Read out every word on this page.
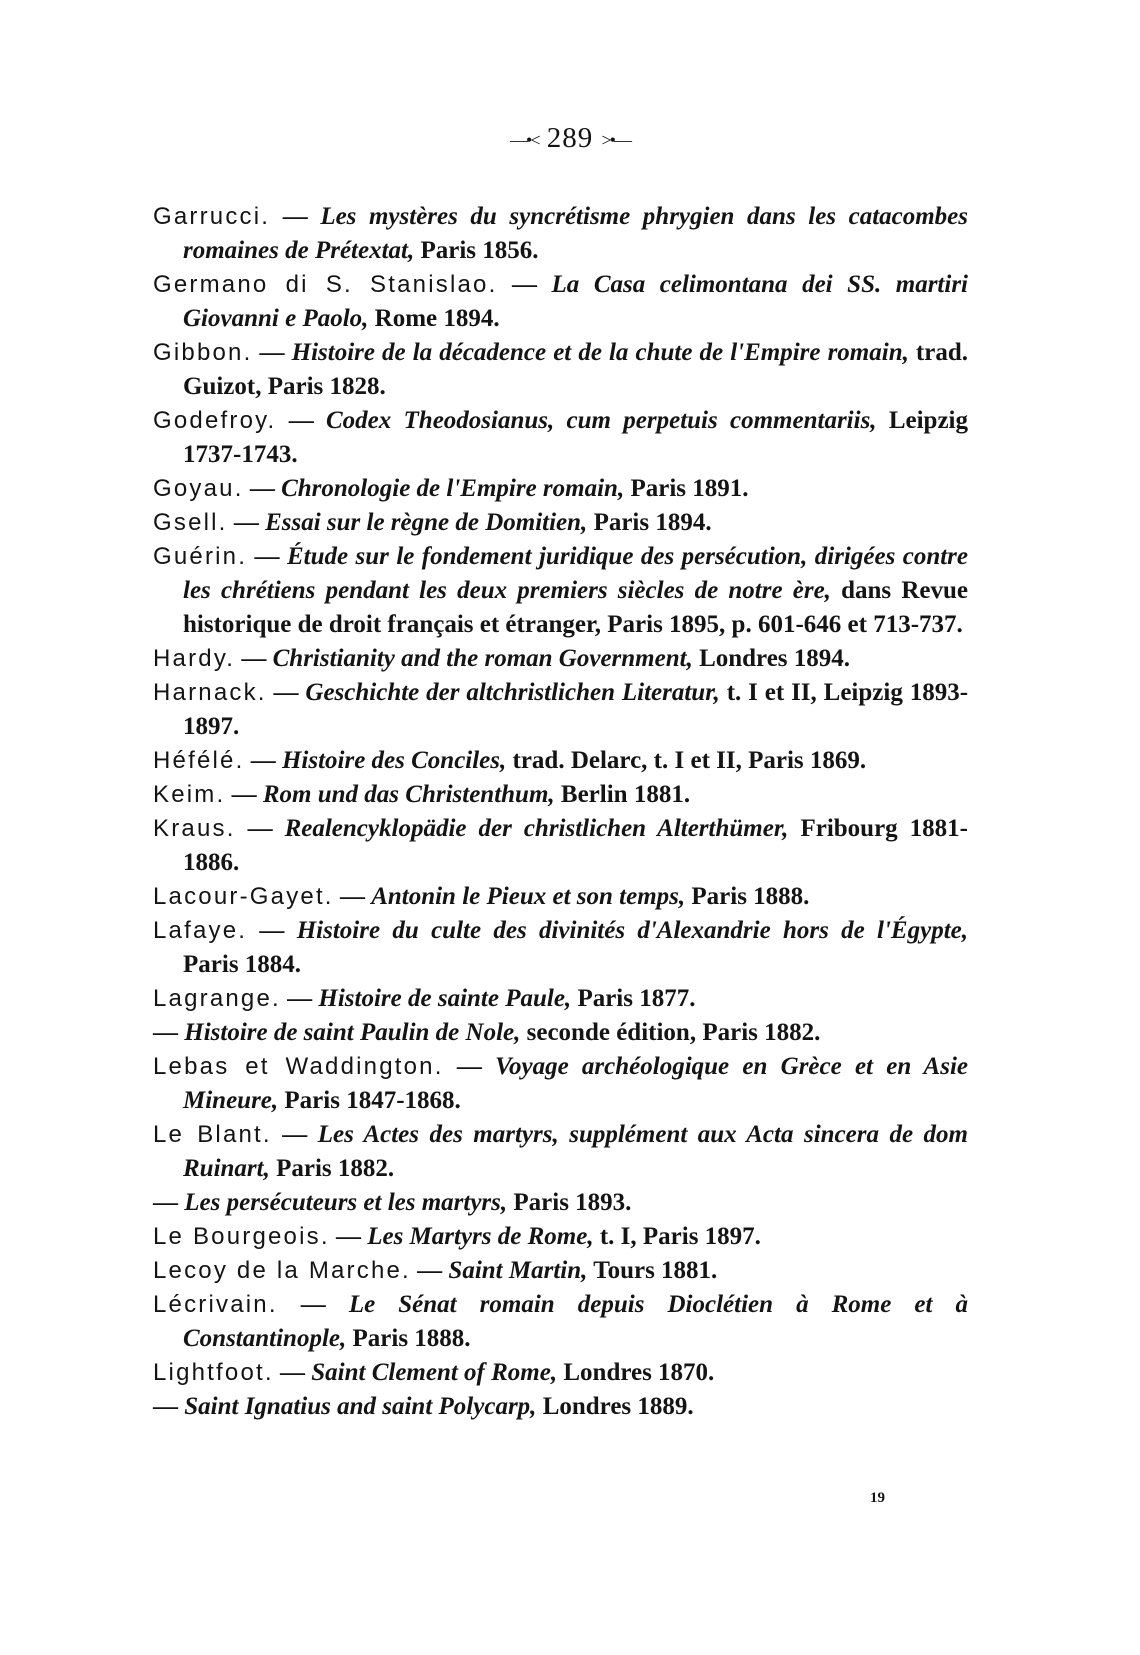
—•< 289 >•—
Garrucci. — Les mystères du syncrétisme phrygien dans les catacombes romaines de Prétextat, Paris 1856.
Germano di S. Stanislao. — La Casa celimontana dei SS. martiri Giovanni e Paolo, Rome 1894.
Gibbon. — Histoire de la décadence et de la chute de l'Empire romain, trad. Guizot, Paris 1828.
Godefroy. — Codex Theodosianus, cum perpetuis commentariis, Leipzig 1737-1743.
Goyau. — Chronologie de l'Empire romain, Paris 1891.
Gsell. — Essai sur le règne de Domitien, Paris 1894.
Guérin. — Étude sur le fondement juridique des persécution, dirigées contre les chrétiens pendant les deux premiers siècles de notre ère, dans Revue historique de droit français et étranger, Paris 1895, p. 601-646 et 713-737.
Hardy. — Christianity and the roman Government, Londres 1894.
Harnack. — Geschichte der altchristlichen Literatur, t. I et II, Leipzig 1893-1897.
Héfélé. — Histoire des Conciles, trad. Delarc, t. I et II, Paris 1869.
Keim. — Rom und das Christenthum, Berlin 1881.
Kraus. — Realencyklopädie der christlichen Alterthümer, Fribourg 1881-1886.
Lacour-Gayet. — Antonin le Pieux et son temps, Paris 1888.
Lafaye. — Histoire du culte des divinités d'Alexandrie hors de l'Égypte, Paris 1884.
Lagrange. — Histoire de sainte Paule, Paris 1877.
— Histoire de saint Paulin de Nole, seconde édition, Paris 1882.
Lebas et Waddington. — Voyage archéologique en Grèce et en Asie Mineure, Paris 1847-1868.
Le Blant. — Les Actes des martyrs, supplément aux Acta sincera de dom Ruinart, Paris 1882.
— Les persécuteurs et les martyrs, Paris 1893.
Le Bourgeois. — Les Martyrs de Rome, t. I, Paris 1897.
Lecoy de la Marche. — Saint Martin, Tours 1881.
Lécrivain. — Le Sénat romain depuis Dioclétien à Rome et à Constantinople, Paris 1888.
Lightfoot. — Saint Clement of Rome, Londres 1870.
— Saint Ignatius and saint Polycarp, Londres 1889.
19
